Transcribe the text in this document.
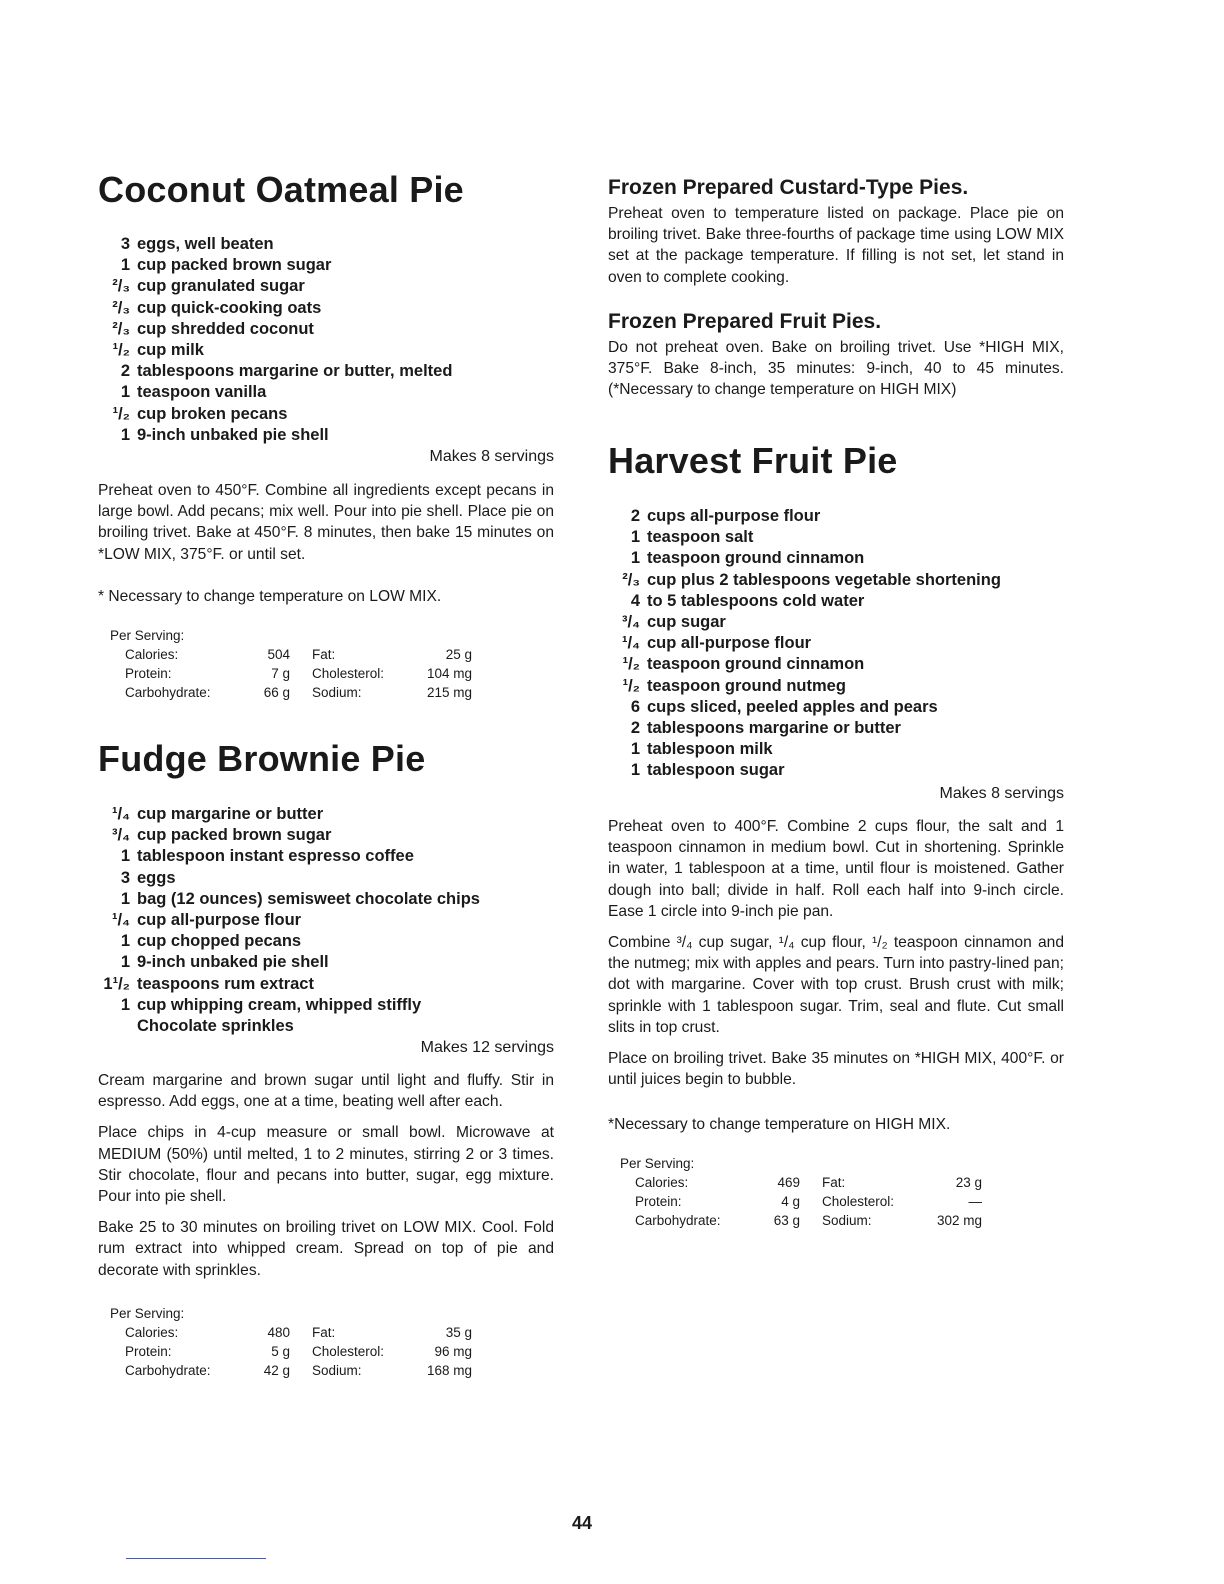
Coconut Oatmeal Pie
3 eggs, well beaten
1 cup packed brown sugar
²/₃ cup granulated sugar
²/₃ cup quick-cooking oats
²/₃ cup shredded coconut
¹/₂ cup milk
2 tablespoons margarine or butter, melted
1 teaspoon vanilla
¹/₂ cup broken pecans
1 9-inch unbaked pie shell
Makes 8 servings

Preheat oven to 450°F. Combine all ingredients except pecans in large bowl. Add pecans; mix well. Pour into pie shell. Place pie on broiling trivet. Bake at 450°F. 8 minutes, then bake 15 minutes on *LOW MIX, 375°F. or until set.

* Necessary to change temperature on LOW MIX.

Per Serving:
Calories:	504	Fat:	25 g
Protein:	7 g	Cholesterol:	104 mg
Carbohydrate:	66 g	Sodium:	215 mg
Fudge Brownie Pie
¹/₄ cup margarine or butter
³/₄ cup packed brown sugar
1 tablespoon instant espresso coffee
3 eggs
1 bag (12 ounces) semisweet chocolate chips
¹/₄ cup all-purpose flour
1 cup chopped pecans
1 9-inch unbaked pie shell
1¹/₂ teaspoons rum extract
1 cup whipping cream, whipped stiffly
Chocolate sprinkles
Makes 12 servings

Cream margarine and brown sugar until light and fluffy. Stir in espresso. Add eggs, one at a time, beating well after each.

Place chips in 4-cup measure or small bowl. Microwave at MEDIUM (50%) until melted, 1 to 2 minutes, stirring 2 or 3 times. Stir chocolate, flour and pecans into butter, sugar, egg mixture. Pour into pie shell.

Bake 25 to 30 minutes on broiling trivet on LOW MIX. Cool. Fold rum extract into whipped cream. Spread on top of pie and decorate with sprinkles.

Per Serving:
Calories:	480	Fat:	35 g
Protein:	5 g	Cholesterol:	96 mg
Carbohydrate:	42 g	Sodium:	168 mg
Frozen Prepared Custard-Type Pies.

Preheat oven to temperature listed on package. Place pie on broiling trivet. Bake three-fourths of package time using LOW MIX set at the package temperature. If filling is not set, let stand in oven to complete cooking.

Frozen Prepared Fruit Pies.

Do not preheat oven. Bake on broiling trivet. Use *HIGH MIX, 375°F. Bake 8-inch, 35 minutes: 9-inch, 40 to 45 minutes. (*Necessary to change temperature on HIGH MIX)

Harvest Fruit Pie
2 cups all-purpose flour
1 teaspoon salt
1 teaspoon ground cinnamon
²/₃ cup plus 2 tablespoons vegetable shortening
4 to 5 tablespoons cold water
³/₄ cup sugar
¹/₄ cup all-purpose flour
¹/₂ teaspoon ground cinnamon
¹/₂ teaspoon ground nutmeg
6 cups sliced, peeled apples and pears
2 tablespoons margarine or butter
1 tablespoon milk
1 tablespoon sugar
Makes 8 servings

Preheat oven to 400°F. Combine 2 cups flour, the salt and 1 teaspoon cinnamon in medium bowl. Cut in shortening. Sprinkle in water, 1 tablespoon at a time, until flour is moistened. Gather dough into ball; divide in half. Roll each half into 9-inch circle. Ease 1 circle into 9-inch pie pan.

Combine ³/₄ cup sugar, ¹/₄ cup flour, ¹/₂ teaspoon cinnamon and the nutmeg; mix with apples and pears. Turn into pastry-lined pan; dot with margarine. Cover with top crust. Brush crust with milk; sprinkle with 1 tablespoon sugar. Trim, seal and flute. Cut small slits in top crust.

Place on broiling trivet. Bake 35 minutes on *HIGH MIX, 400°F. or until juices begin to bubble.

*Necessary to change temperature on HIGH MIX.

Per Serving:
Calories:	469	Fat:	23 g
Protein:	4 g	Cholesterol:	—
Carbohydrate:	63 g	Sodium:	302 mg
44
